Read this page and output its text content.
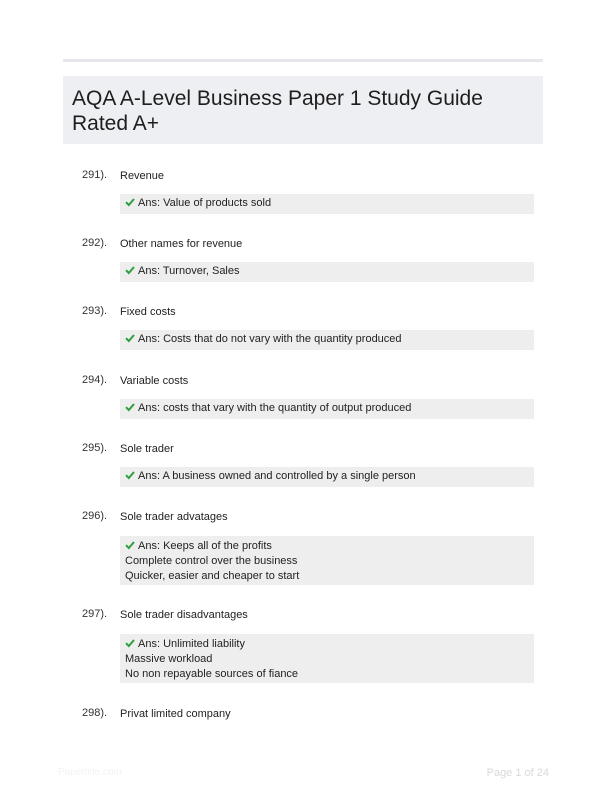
AQA A-Level Business Paper 1 Study Guide Rated A+
291). Revenue
Ans: Value of products sold
292). Other names for revenue
Ans: Turnover, Sales
293). Fixed costs
Ans: Costs that do not vary with the quantity produced
294). Variable costs
Ans: costs that vary with the quantity of output produced
295). Sole trader
Ans: A business owned and controlled by a single person
296). Sole trader advatages
Ans: Keeps all of the profits
Complete control over the business
Quicker, easier and cheaper to start
297). Sole trader disadvantages
Ans: Unlimited liability
Massive workload
No non repayable sources of fiance
298). Privat limited company
Papertitle.com	Page 1 of 24
